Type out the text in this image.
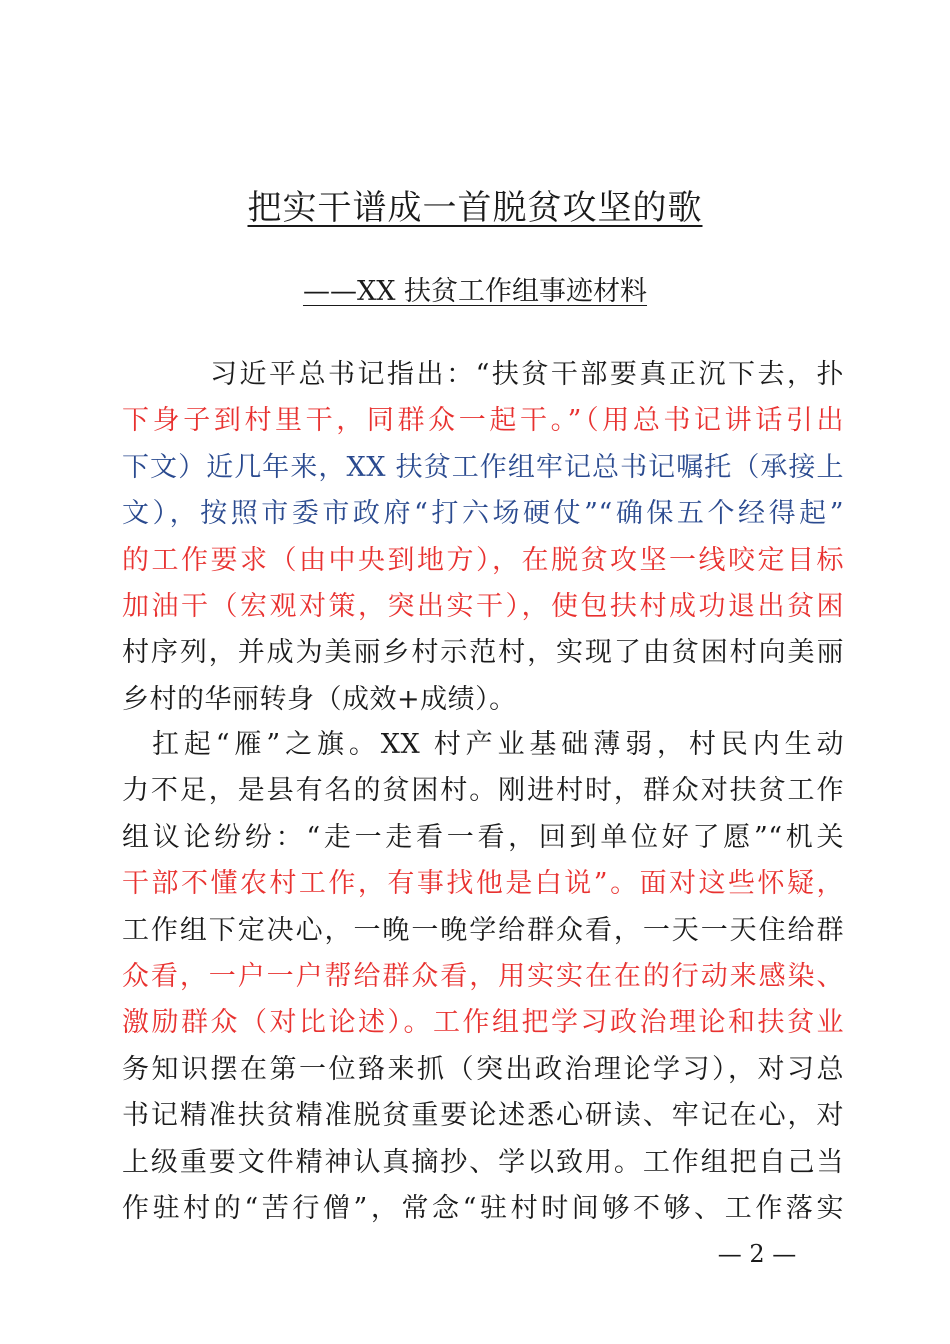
把实干谱成一首脱贫攻坚的歌
——XX 扶贫工作组事迹材料
习近平总书记指出：“扶贫干部要真正沉下去，扑
下身子到村里干，同群众一起干。”（用总书记讲话引出
下文）近几年来，XX 扶贫工作组牢记总书记嘱托（承接上
文），按照市委市政府“打六场硬仗”“确保五个经得起”
的工作要求（由中央到地方），在脱贫攻坚一线咬定目标
加油干（宏观对策，突出实干），使包扶村成功退出贫困
村序列，并成为美丽乡村示范村，实现了由贫困村向美丽
乡村的华丽转身（成效+成绩）。
扛起“雁”之旗。XX 村产业基础薄弱，村民内生动
力不足，是县有名的贫困村。刚进村时，群众对扶贫工作
组议论纷纷：“走一走看一看，回到单位好了愿”“机关
干部不懂农村工作，有事找他是白说”。面对这些怀疑，
工作组下定决心，一晚一晚学给群众看，一天一天住给群
众看，一户一户帮给群众看，用实实在在的行动来感染、
激励群众（对比论述）。工作组把学习政治理论和扶贫业
务知识摆在第一位臵来抓（突出政治理论学习），对习总
书记精准扶贫精准脱贫重要论述悉心研读、牢记在心，对
上级重要文件精神认真摘抄、学以致用。工作组把自己当
作驻村的“苦行僧”，常念“驻村时间够不够、工作落实
— 2 —
